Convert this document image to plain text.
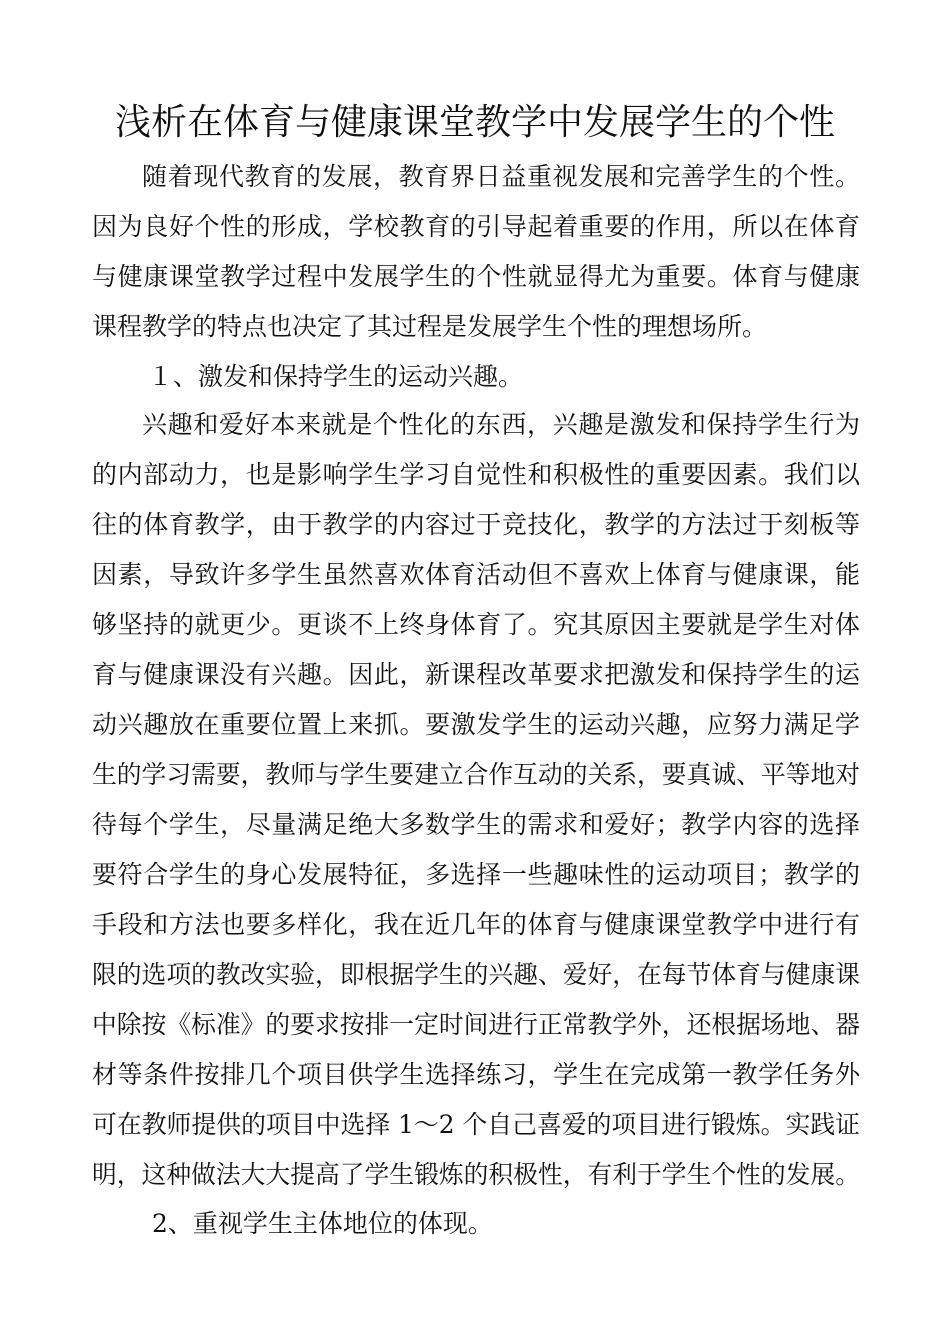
浅析在体育与健康课堂教学中发展学生的个性
随着现代教育的发展，教育界日益重视发展和完善学生的个性。
因为良好个性的形成，学校教育的引导起着重要的作用，所以在体育
与健康课堂教学过程中发展学生的个性就显得尤为重要。体育与健康
课程教学的特点也决定了其过程是发展学生个性的理想场所。
１、激发和保持学生的运动兴趣。
兴趣和爱好本来就是个性化的东西，兴趣是激发和保持学生行为
的内部动力，也是影响学生学习自觉性和积极性的重要因素。我们以
往的体育教学，由于教学的内容过于竞技化，教学的方法过于刻板等
因素，导致许多学生虽然喜欢体育活动但不喜欢上体育与健康课，能
够坚持的就更少。更谈不上终身体育了。究其原因主要就是学生对体
育与健康课没有兴趣。因此，新课程改革要求把激发和保持学生的运
动兴趣放在重要位置上来抓。要激发学生的运动兴趣，应努力满足学
生的学习需要，教师与学生要建立合作互动的关系，要真诚、平等地对
待每个学生，尽量满足绝大多数学生的需求和爱好；教学内容的选择
要符合学生的身心发展特征，多选择一些趣味性的运动项目；教学的
手段和方法也要多样化，我在近几年的体育与健康课堂教学中进行有
限的选项的教改实验，即根据学生的兴趣、爱好，在每节体育与健康课
中除按《标准》的要求按排一定时间进行正常教学外，还根据场地、器
材等条件按排几个项目供学生选择练习，学生在完成第一教学任务外
可在教师提供的项目中选择 1～2 个自己喜爱的项目进行锻炼。实践证
明，这种做法大大提高了学生锻炼的积极性，有利于学生个性的发展。
2、重视学生主体地位的体现。
